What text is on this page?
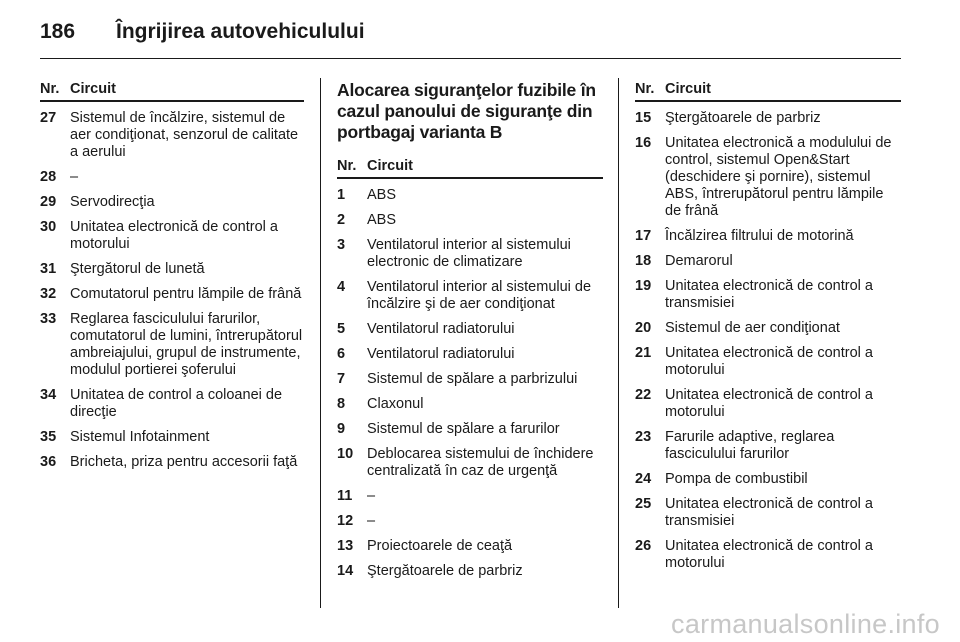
186	Îngrijirea autovehiculului
Nr. Circuit
27 Sistemul de încălzire, sistemul de aer condiţionat, senzorul de calitate a aerului
28 –
29 Servodirecţia
30 Unitatea electronică de control a motorului
31 Ştergătorul de lunetă
32 Comutatorul pentru lămpile de frână
33 Reglarea fasciculului farurilor, comutatorul de lumini, întrerupătorul ambreiajului, grupul de instrumente, modulul portierei şoferului
34 Unitatea de control a coloanei de direcţie
35 Sistemul Infotainment
36 Bricheta, priza pentru accesorii faţă
Alocarea siguranţelor fuzibile în cazul panoului de siguranţe din portbagaj varianta B
Nr. Circuit
1	ABS
2	ABS
3	Ventilatorul interior al sistemului electronic de climatizare
4	Ventilatorul interior al sistemului de încălzire şi de aer condiţionat
5	Ventilatorul radiatorului
6	Ventilatorul radiatorului
7	Sistemul de spălare a parbrizului
8	Claxonul
9	Sistemul de spălare a farurilor
10 Deblocarea sistemului de închidere centralizată în caz de urgenţă
11	–
12 –
13 Proiectoarele de ceaţă
14 Ştergătoarele de parbriz
Nr. Circuit
15 Ştergătoarele de parbriz
16 Unitatea electronică a modulului de control, sistemul Open&Start (deschidere şi pornire), sistemul ABS, întrerupătorul pentru lămpile de frână
17 Încălzirea filtrului de motorină
18 Demarorul
19 Unitatea electronică de control a transmisiei
20 Sistemul de aer condiţionat
21 Unitatea electronică de control a motorului
22 Unitatea electronică de control a motorului
23 Farurile adaptive, reglarea fasciculului farurilor
24 Pompa de combustibil
25 Unitatea electronică de control a transmisiei
26 Unitatea electronică de control a motorului
carmanualsonline.info
